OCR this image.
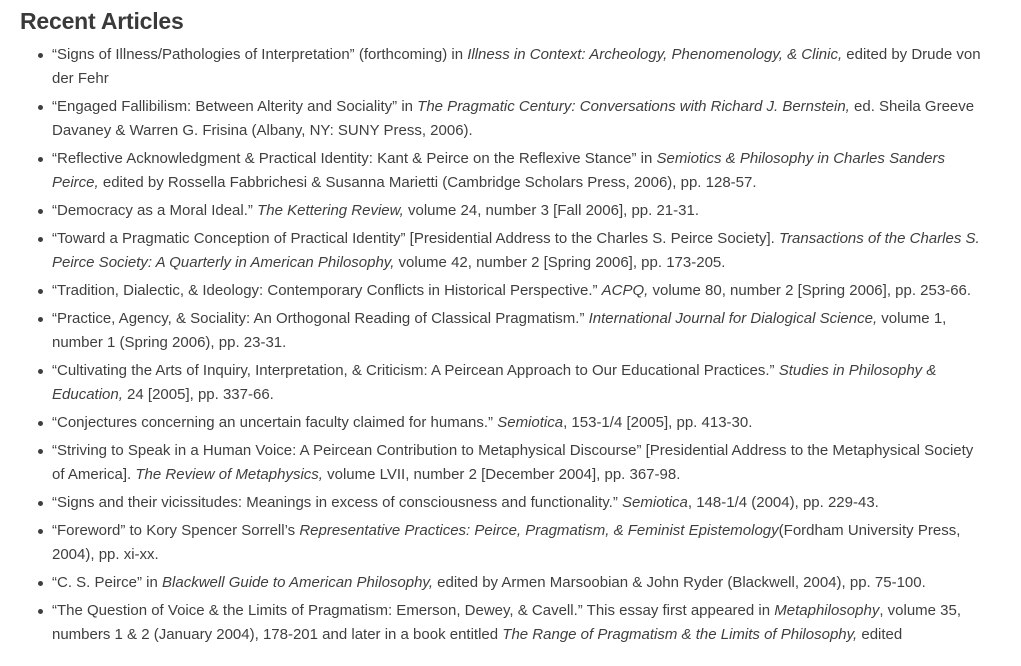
Recent Articles
“Signs of Illness/Pathologies of Interpretation” (forthcoming) in Illness in Context: Archeology, Phenomenology, & Clinic, edited by Drude von der Fehr
“Engaged Fallibilism: Between Alterity and Sociality” in The Pragmatic Century: Conversations with Richard J. Bernstein, ed. Sheila Greeve Davaney & Warren G. Frisina (Albany, NY: SUNY Press, 2006).
“Reflective Acknowledgment & Practical Identity: Kant & Peirce on the Reflexive Stance” in Semiotics & Philosophy in Charles Sanders Peirce, edited by Rossella Fabbrichesi & Susanna Marietti (Cambridge Scholars Press, 2006), pp. 128-57.
“Democracy as a Moral Ideal.” The Kettering Review, volume 24, number 3 [Fall 2006], pp. 21-31.
“Toward a Pragmatic Conception of Practical Identity” [Presidential Address to the Charles S. Peirce Society]. Transactions of the Charles S. Peirce Society: A Quarterly in American Philosophy, volume 42, number 2 [Spring 2006], pp. 173-205.
“Tradition, Dialectic, & Ideology: Contemporary Conflicts in Historical Perspective.” ACPQ, volume 80, number 2 [Spring 2006], pp. 253-66.
“Practice, Agency, & Sociality: An Orthogonal Reading of Classical Pragmatism.” International Journal for Dialogical Science, volume 1, number 1 (Spring 2006), pp. 23-31.
“Cultivating the Arts of Inquiry, Interpretation, & Criticism: A Peircean Approach to Our Educational Practices.” Studies in Philosophy & Education, 24 [2005], pp. 337-66.
“Conjectures concerning an uncertain faculty claimed for humans.” Semiotica, 153-1/4 [2005], pp. 413-30.
“Striving to Speak in a Human Voice: A Peircean Contribution to Metaphysical Discourse” [Presidential Address to the Metaphysical Society of America]. The Review of Metaphysics, volume LVII, number 2 [December 2004], pp. 367-98.
“Signs and their vicissitudes: Meanings in excess of consciousness and functionality.” Semiotica, 148-1/4 (2004), pp. 229-43.
“Foreword” to Kory Spencer Sorrell’s Representative Practices: Peirce, Pragmatism, & Feminist Epistemology(Fordham University Press, 2004), pp. xi-xx.
“C. S. Peirce” in Blackwell Guide to American Philosophy, edited by Armen Marsoobian & John Ryder (Blackwell, 2004), pp. 75-100.
“The Question of Voice & the Limits of Pragmatism: Emerson, Dewey, & Cavell.” This essay first appeared in Metaphilosophy, volume 35, numbers 1 & 2 (January 2004), 178-201 and later in a book entitled The Range of Pragmatism & the Limits of Philosophy, edited
